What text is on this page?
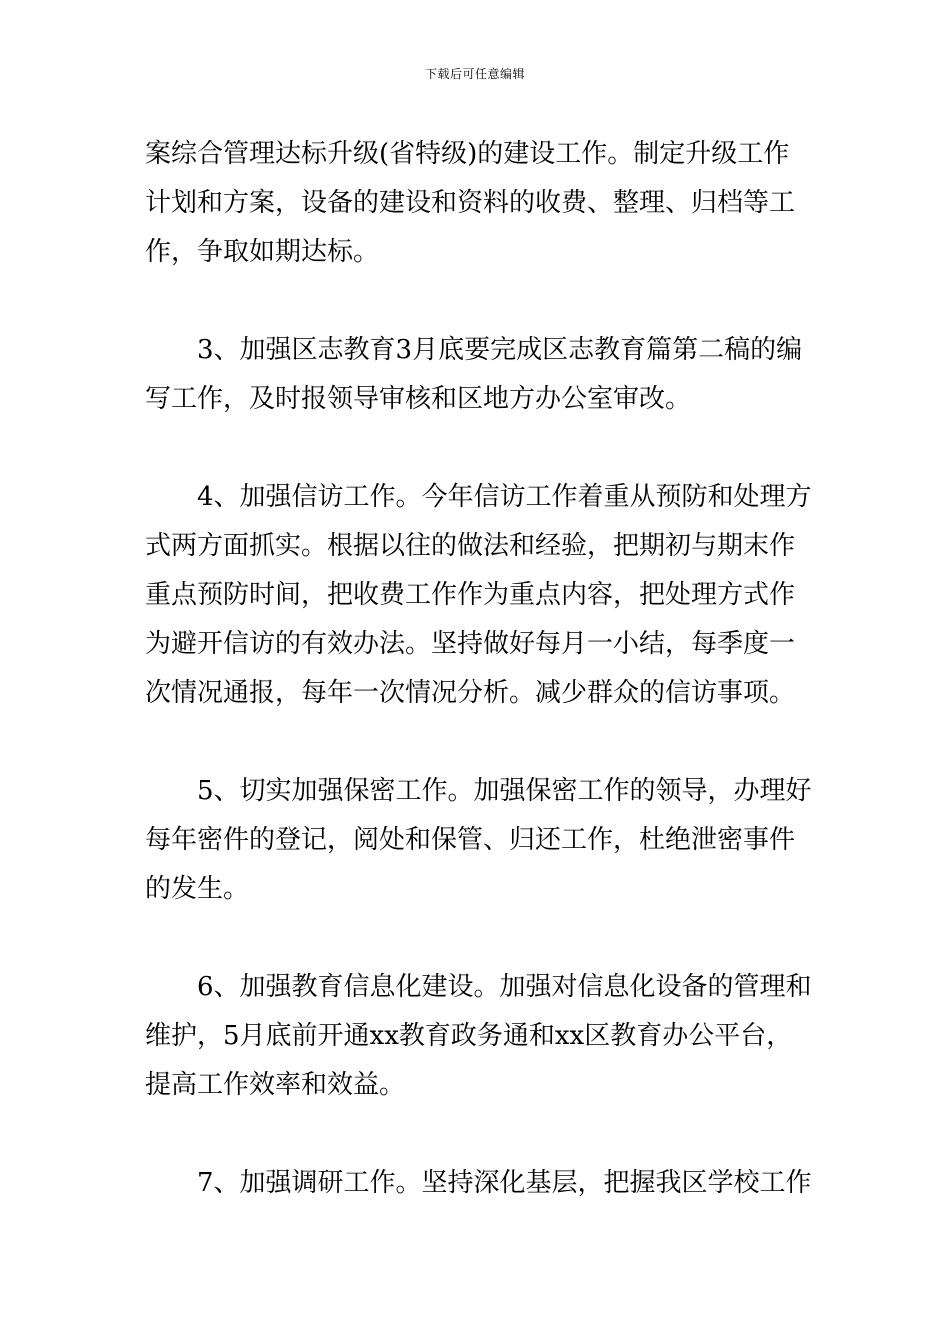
下载后可任意编辑
案综合管理达标升级(省特级)的建设工作。制定升级工作
计划和方案，设备的建设和资料的收费、整理、归档等工
作，争取如期达标。
3、加强区志教育3月底要完成区志教育篇第二稿的编
写工作，及时报领导审核和区地方办公室审改。
4、加强信访工作。今年信访工作着重从预防和处理方
式两方面抓实。根据以往的做法和经验，把期初与期末作
重点预防时间，把收费工作作为重点内容，把处理方式作
为避开信访的有效办法。坚持做好每月一小结，每季度一
次情况通报，每年一次情况分析。减少群众的信访事项。
5、切实加强保密工作。加强保密工作的领导，办理好
每年密件的登记，阅处和保管、归还工作，杜绝泄密事件
的发生。
6、加强教育信息化建设。加强对信息化设备的管理和
维护，5月底前开通xx教育政务通和xx区教育办公平台，
提高工作效率和效益。
7、加强调研工作。坚持深化基层，把握我区学校工作
